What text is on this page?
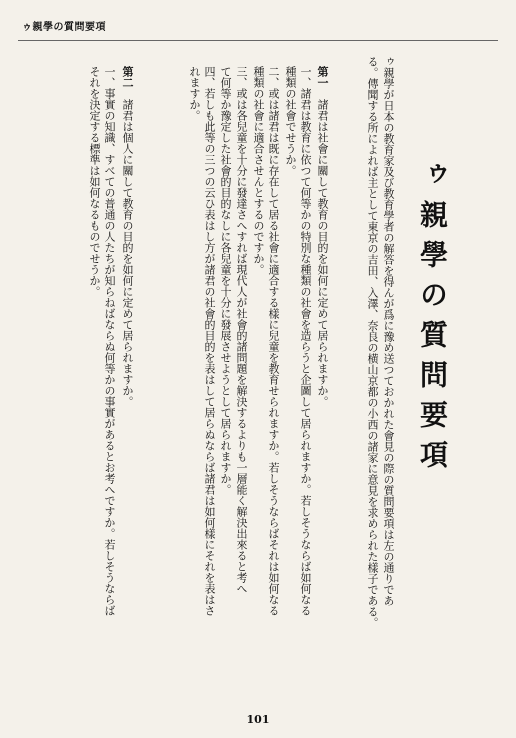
ゥ親學の質問要項
ゥ親學の質問要項
ゥ親學が日本の教育家及び教育學者の解答を得んが爲に豫め送つておかれた會見の際の質問要項は左の通りであ
る。傳聞する所によれば主として東京の吉田、入澤、奈良の横山京都の小西の諸家に意見を求められた樣子である。
第一　諸君は社會に關して教育の目的を如何に定めて居られますか。
一、諸君は教育に依つて何等かの特別な種類の社會を造らうと企圖して居られますか。若しそうならば如何なる
種類の社會でせうか。
二、或は諸君は既に存在して居る社會に適合する樣に兒童を教育せられますか。若しそうならばそれは如何なる
種類の社會に適合させんとするのですか。
三、或は各兒童を十分に發達さへすれば現代人が社會的諸問題を解決するよりも一層能く解決出來ると考へ
て何等か豫定した社會的目的なしに各兒童を十分に發展させようとして居られますか。
四、若しも此等の三つの云ひ表はし方が諸君の社會的目的を表はして居らぬならば諸君は如何樣にそれを表はさ
れますか。
第二　諸君は個人に關して教育の目的を如何に定めて居られますか。
一、事實の知識、すべての普通の人たちが知らねばならぬ何等かの事實があるとお考へですか。若しそうならば
それを決定する標準は如何なるものでせうか。
101
